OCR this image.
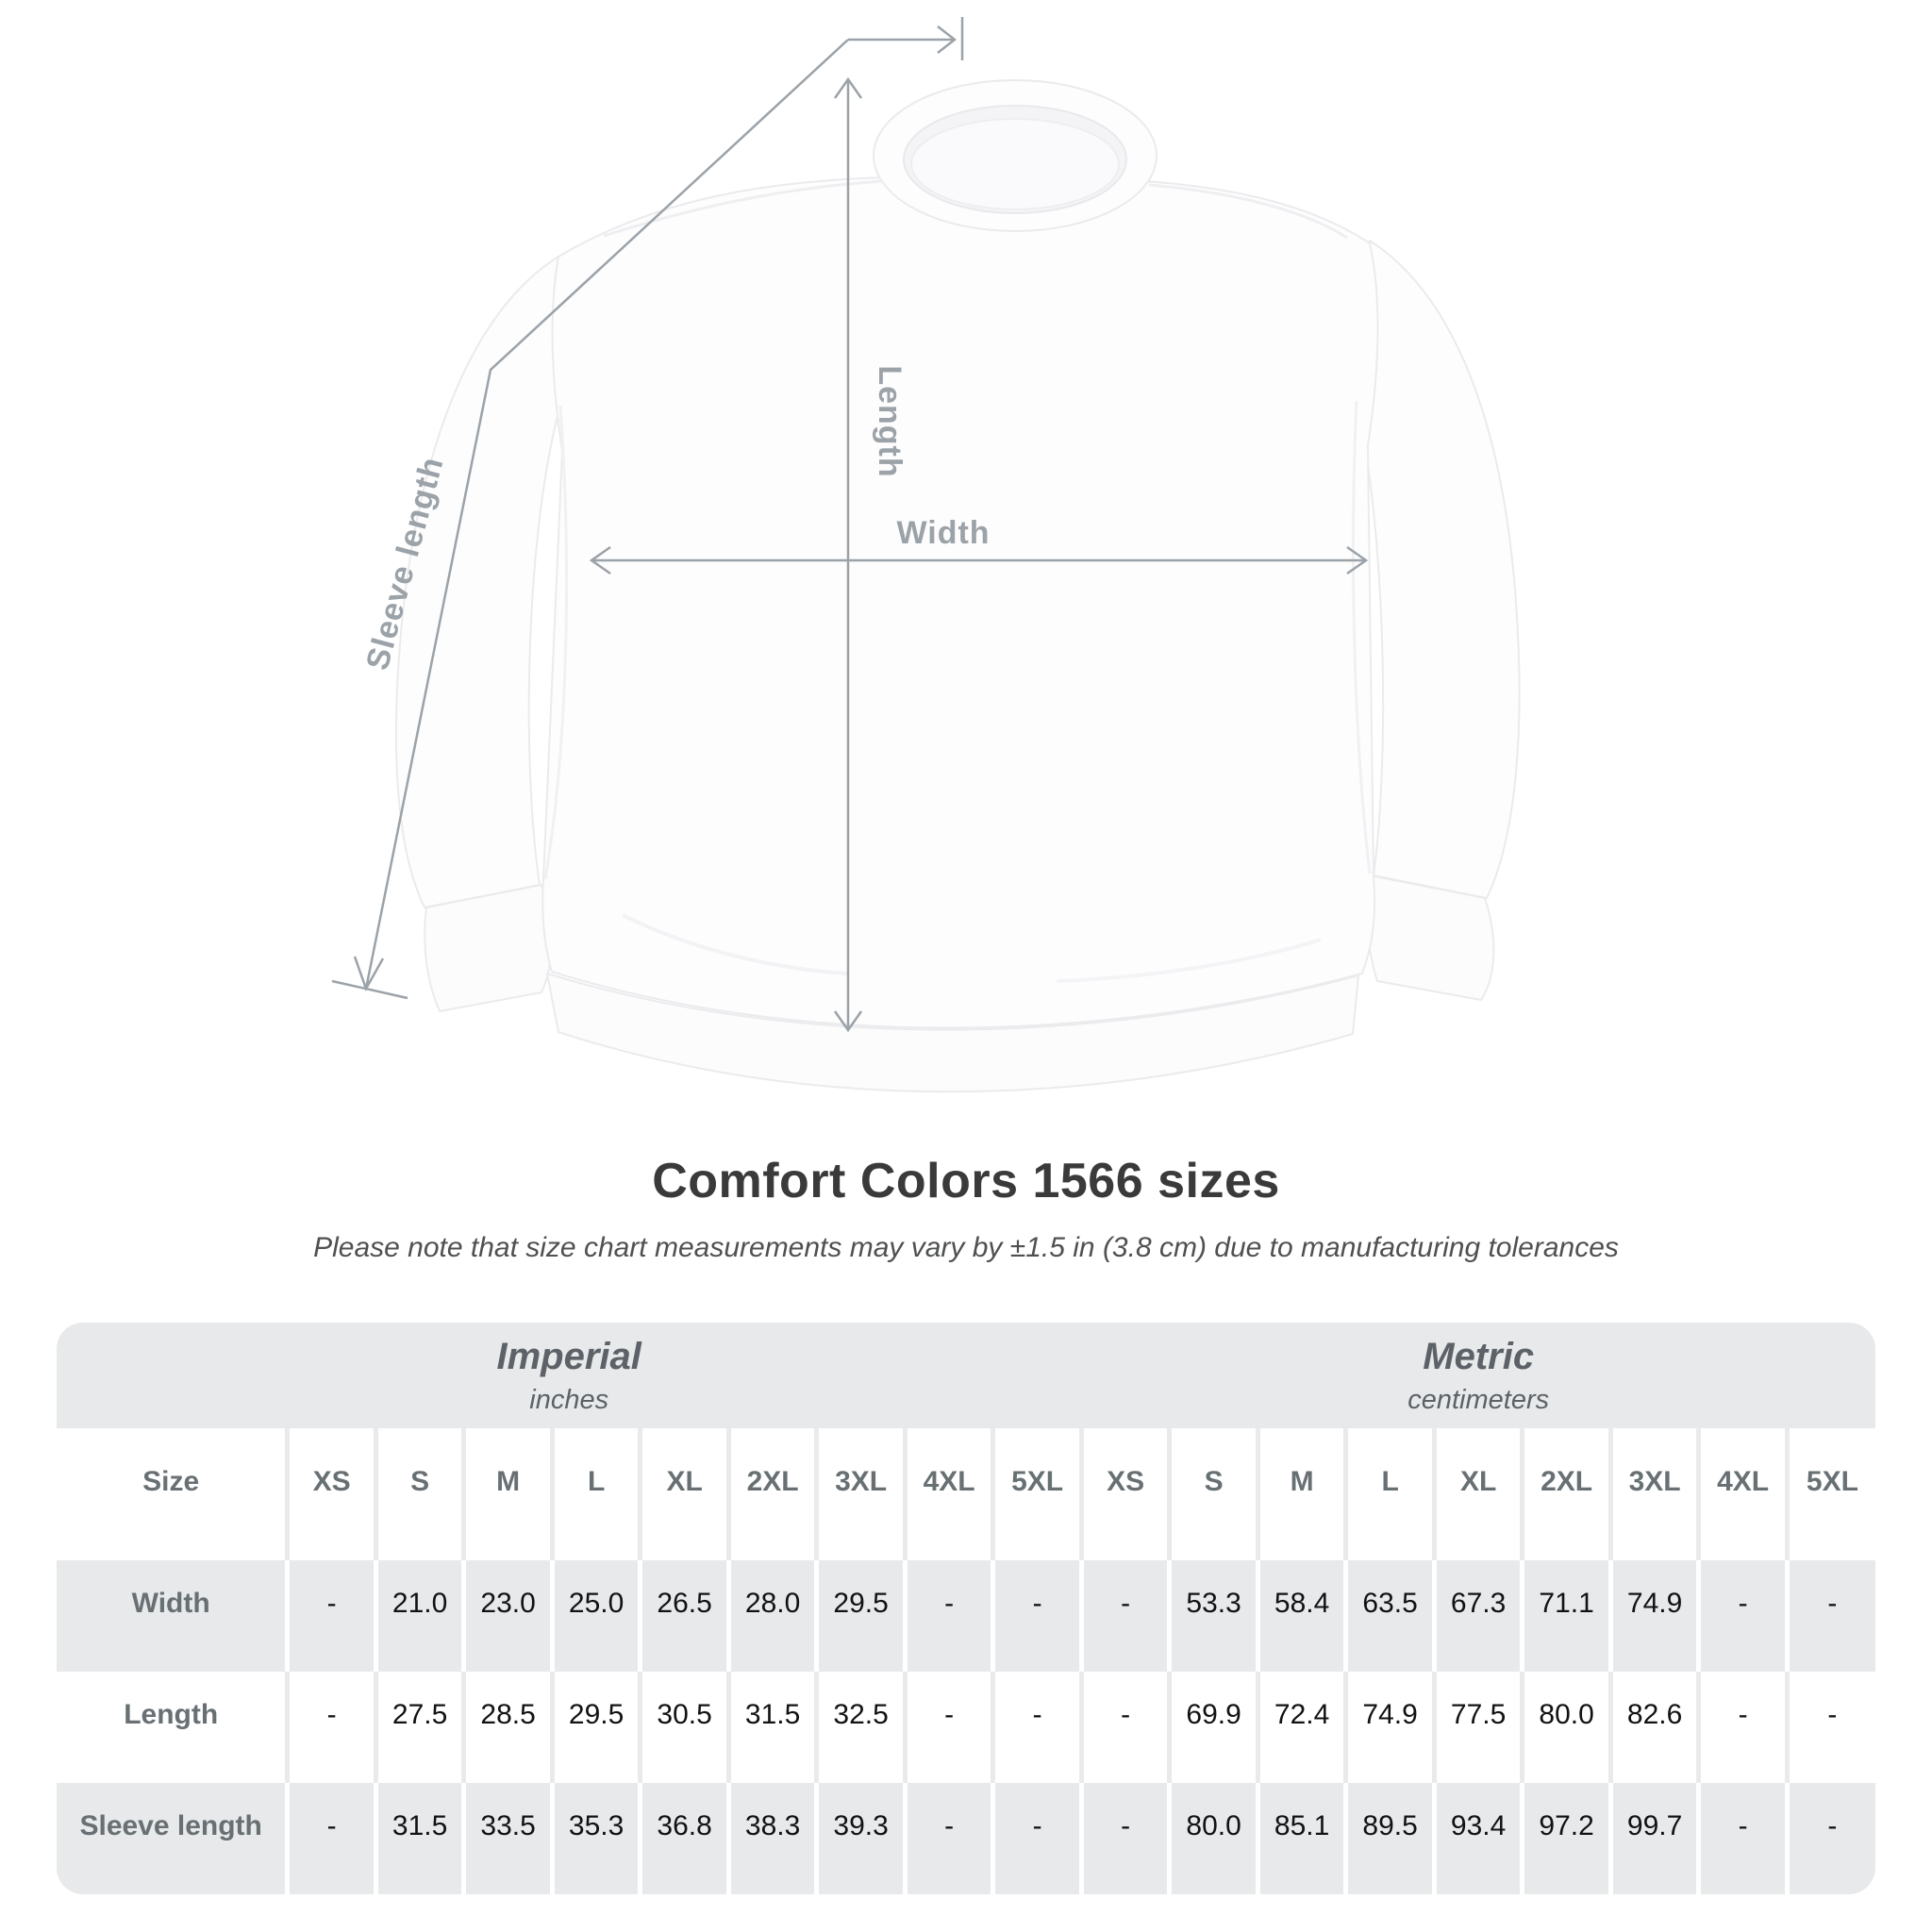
Length
Width
Sleeve length
Comfort Colors 1566 sizes
Please note that size chart measurements may vary by ±1.5 in (3.8 cm) due to manufacturing tolerances
Imperial
inches

Metric
centimeters

Size	XS	S	M	L	XL	2XL	3XL	4XL	5XL	XS	S	M	L	XL	2XL	3XL	4XL	5XL
Width	-	21.0	23.0	25.0	26.5	28.0	29.5	-	-	-	53.3	58.4	63.5	67.3	71.1	74.9	-	-
Length	-	27.5	28.5	29.5	30.5	31.5	32.5	-	-	-	69.9	72.4	74.9	77.5	80.0	82.6	-	-
Sleeve length	-	31.5	33.5	35.3	36.8	38.3	39.3	-	-	-	80.0	85.1	89.5	93.4	97.2	99.7	-	-
